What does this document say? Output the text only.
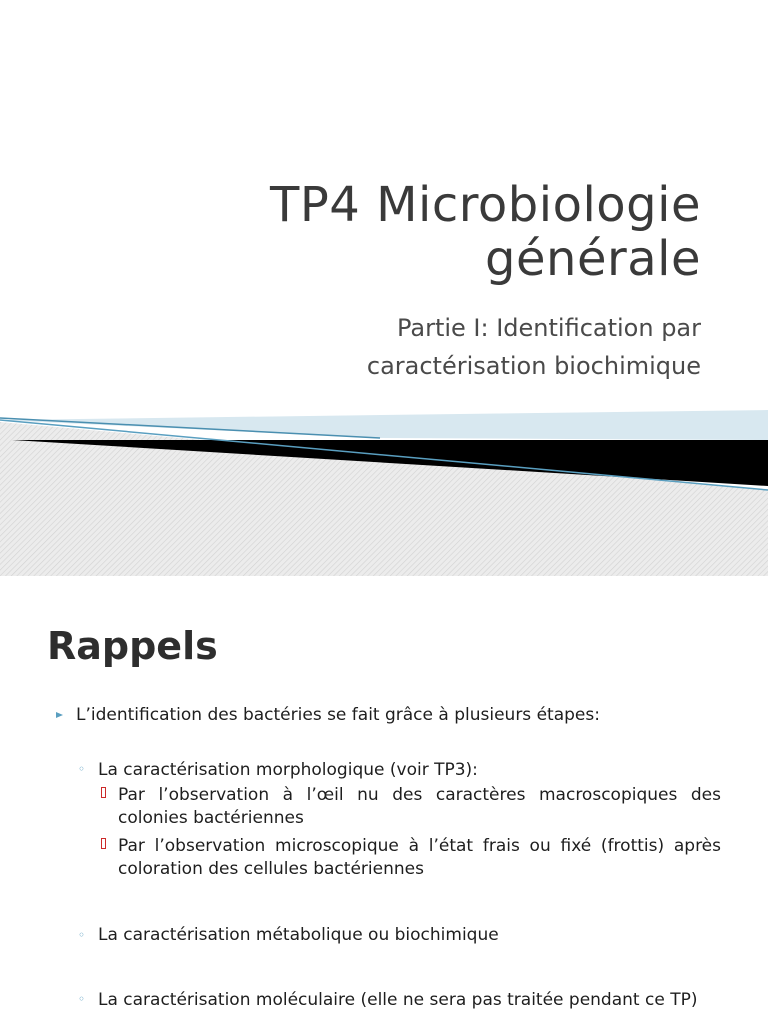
TP4 Microbiologie
générale
Partie I: Identification par
caractérisation biochimique
Rappels
L’identification des bactéries se fait grâce à plusieurs étapes:
◦ La caractérisation morphologique (voir TP3):
Par l’observation à l’œil nu des caractères macroscopiques des colonies bactériennes
Par l’observation microscopique à l’état frais ou fixé (frottis) après coloration des cellules bactériennes
◦ La caractérisation métabolique ou biochimique
◦ La caractérisation moléculaire (elle ne sera pas traitée pendant ce TP)
